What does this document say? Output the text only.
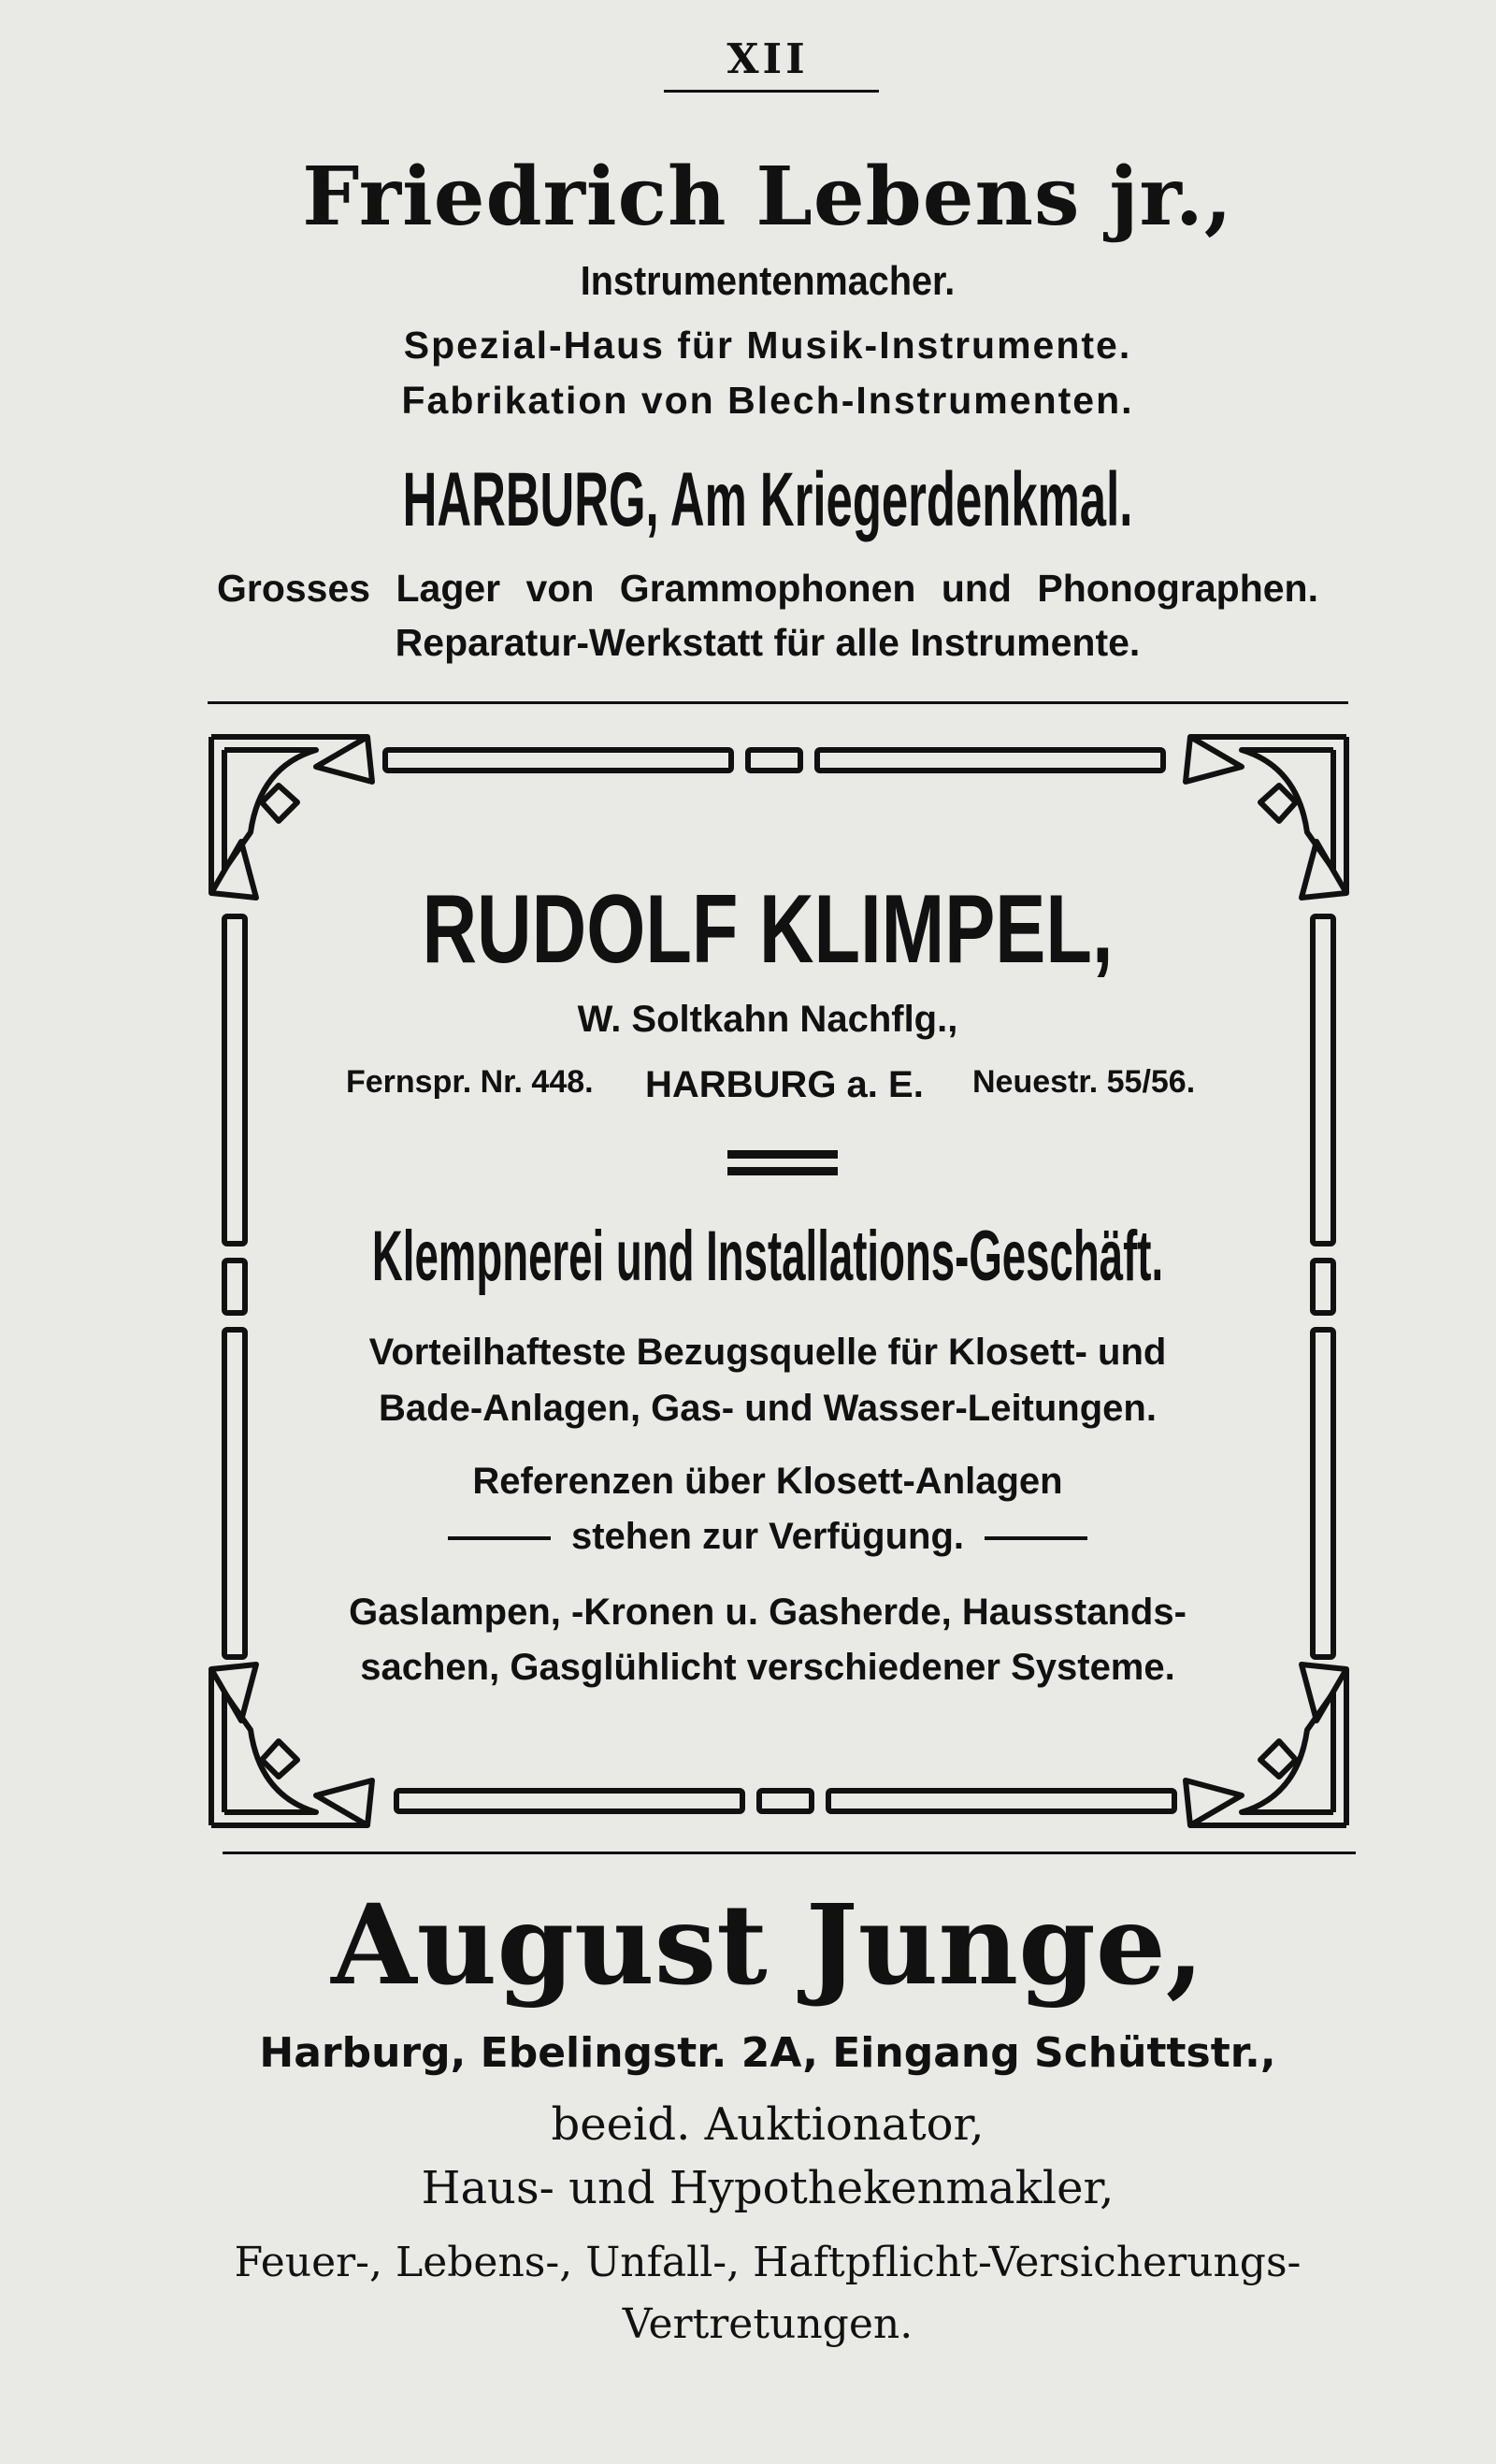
XII
Friedrich Lebens jr.,
Instrumentenmacher.
Spezial-Haus für Musik-Instrumente.
Fabrikation von Blech-Instrumenten.
HARBURG, Am Kriegerdenkmal.
Grosses Lager von Grammophonen und Phonographen.
Reparatur-Werkstatt für alle Instrumente.
RUDOLF KLIMPEL,
W. Soltkahn Nachflg.,
Fernspr. Nr. 448. HARBURG a. E. Neuestr. 55/56.
Klempnerei und Installations-Geschäft.
Vorteilhafteste Bezugsquelle für Klosett- und
Bade-Anlagen, Gas- und Wasser-Leitungen.
Referenzen über Klosett-Anlagen
stehen zur Verfügung.
Gaslampen, -Kronen u. Gasherde, Hausstands-
sachen, Gasglühlicht verschiedener Systeme.
August Junge,
Harburg, Ebelingstr. 2A, Eingang Schüttstr.,
beeid. Auktionator,
Haus- und Hypothekenmakler,
Feuer-, Lebens-, Unfall-, Haftpflicht-Versicherungs-
Vertretungen.
